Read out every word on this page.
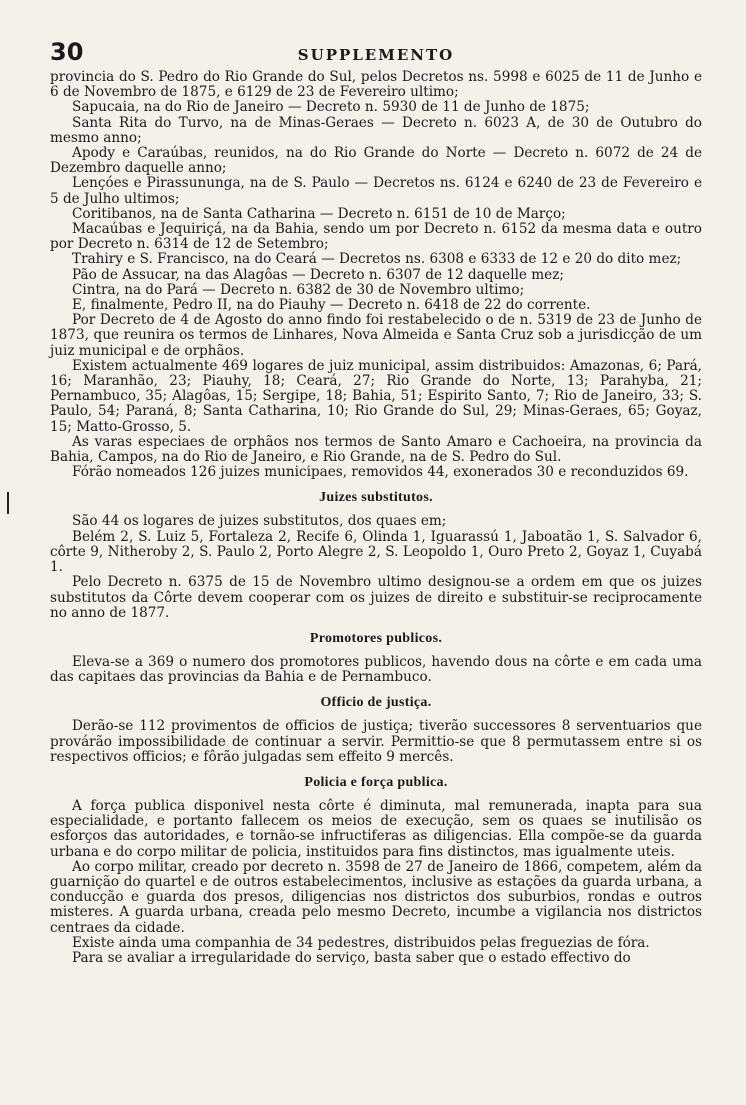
30	SUPPLEMENTO

provincia do S. Pedro do Rio Grande do Sul, pelos Decretos ns. 5998 e 6025 de 11 de Junho e 6 de Novembro de 1875, e 6129 de 23 de Fevereiro ultimo;

Sapucaia, na do Rio de Janeiro — Decreto n. 5930 de 11 de Junho de 1875;

Santa Rita do Turvo, na de Minas-Geraes — Decreto n. 6023 A, de 30 de Outubro do mesmo anno;

Apody e Caraúbas, reunidos, na do Rio Grande do Norte — Decreto n. 6072 de 24 de Dezembro daquelle anno;

Lençóes e Pirassununga, na de S. Paulo — Decretos ns. 6124 e 6240 de 23 de Fevereiro e 5 de Julho ultimos;

Coritibanos, na de Santa Catharina — Decreto n. 6151 de 10 de Março;

Macaúbas e Jequiriçá, na da Bahia, sendo um por Decreto n. 6152 da mesma data e outro por Decreto n. 6314 de 12 de Setembro;

Trahiry e S. Francisco, na do Ceará — Decretos ns. 6308 e 6333 de 12 e 20 do dito mez;

Pão de Assucar, na das Alagôas — Decreto n. 6307 de 12 daquelle mez;

Cintra, na do Pará — Decreto n. 6382 de 30 de Novembro ultimo;

E, finalmente, Pedro II, na do Piauhy — Decreto n. 6418 de 22 do corrente.

Por Decreto de 4 de Agosto do anno findo foi restabelecido o de n. 5319 de 23 de Junho de 1873, que reunira os termos de Linhares, Nova Almeida e Santa Cruz sob a jurisdicção de um juiz municipal e de orphãos.

Existem actualmente 469 logares de juiz municipal, assim distribuidos: Amazonas, 6; Pará, 16; Maranhão, 23; Piauhy, 18; Ceará, 27; Rio Grande do Norte, 13; Parahyba, 21; Pernambuco, 35; Alagôas, 15; Sergipe, 18; Bahia, 51; Espirito Santo, 7; Rio de Janeiro, 33; S. Paulo, 54; Paraná, 8; Santa Catharina, 10; Rio Grande do Sul, 29; Minas-Geraes, 65; Goyaz, 15; Matto-Grosso, 5.

As varas especiaes de orphãos nos termos de Santo Amaro e Cachoeira, na provincia da Bahia, Campos, na do Rio de Janeiro, e Rio Grande, na de S. Pedro do Sul.

Fórão nomeados 126 juizes municipaes, removidos 44, exonerados 30 e reconduzidos 69.

Juizes substitutos.

São 44 os logares de juizes substitutos, dos quaes em;

Belém 2, S. Luiz 5, Fortaleza 2, Recife 6, Olinda 1, Iguarassú 1, Jaboatão 1, S. Salvador 6, côrte 9, Nitheroby 2, S. Paulo 2, Porto Alegre 2, S. Leopoldo 1, Ouro Preto 2, Goyaz 1, Cuyabá 1.

Pelo Decreto n. 6375 de 15 de Novembro ultimo designou-se a ordem em que os juizes substitutos da Côrte devem cooperar com os juizes de direito e substituir-se reciprocamente no anno de 1877.

Promotores publicos.

Eleva-se a 369 o numero dos promotores publicos, havendo dous na côrte e em cada uma das capitaes das provincias da Bahia e de Pernambuco.

Officio de justiça.

Derão-se 112 provimentos de officios de justiça; tiverão successores 8 serventuarios que provárão impossibilidade de continuar a servir. Permittio-se que 8 permutassem entre si os respectivos officios; e fôrão julgadas sem effeito 9 mercês.

Policia e força publica.

A força publica disponivel nesta côrte é diminuta, mal remunerada, inapta para sua especialidade, e portanto fallecem os meios de execução, sem os quaes se inutilisão os esforços das autoridades, e tornão-se infructiferas as diligencias. Ella compõe-se da guarda urbana e do corpo militar de policia, instituidos para fins distinctos, mas igualmente uteis.

Ao corpo militar, creado por decreto n. 3598 de 27 de Janeiro de 1866, competem, além da guarnição do quartel e de outros estabelecimentos, inclusive as estações da guarda urbana, a conducção e guarda dos presos, diligencias nos districtos dos suburbios, rondas e outros misteres. A guarda urbana, creada pelo mesmo Decreto, incumbe a vigilancia nos districtos centraes da cidade.

Existe ainda uma companhia de 34 pedestres, distribuidos pelas freguezias de fóra.

Para se avaliar a irregularidade do serviço, basta saber que o estado effectivo do
